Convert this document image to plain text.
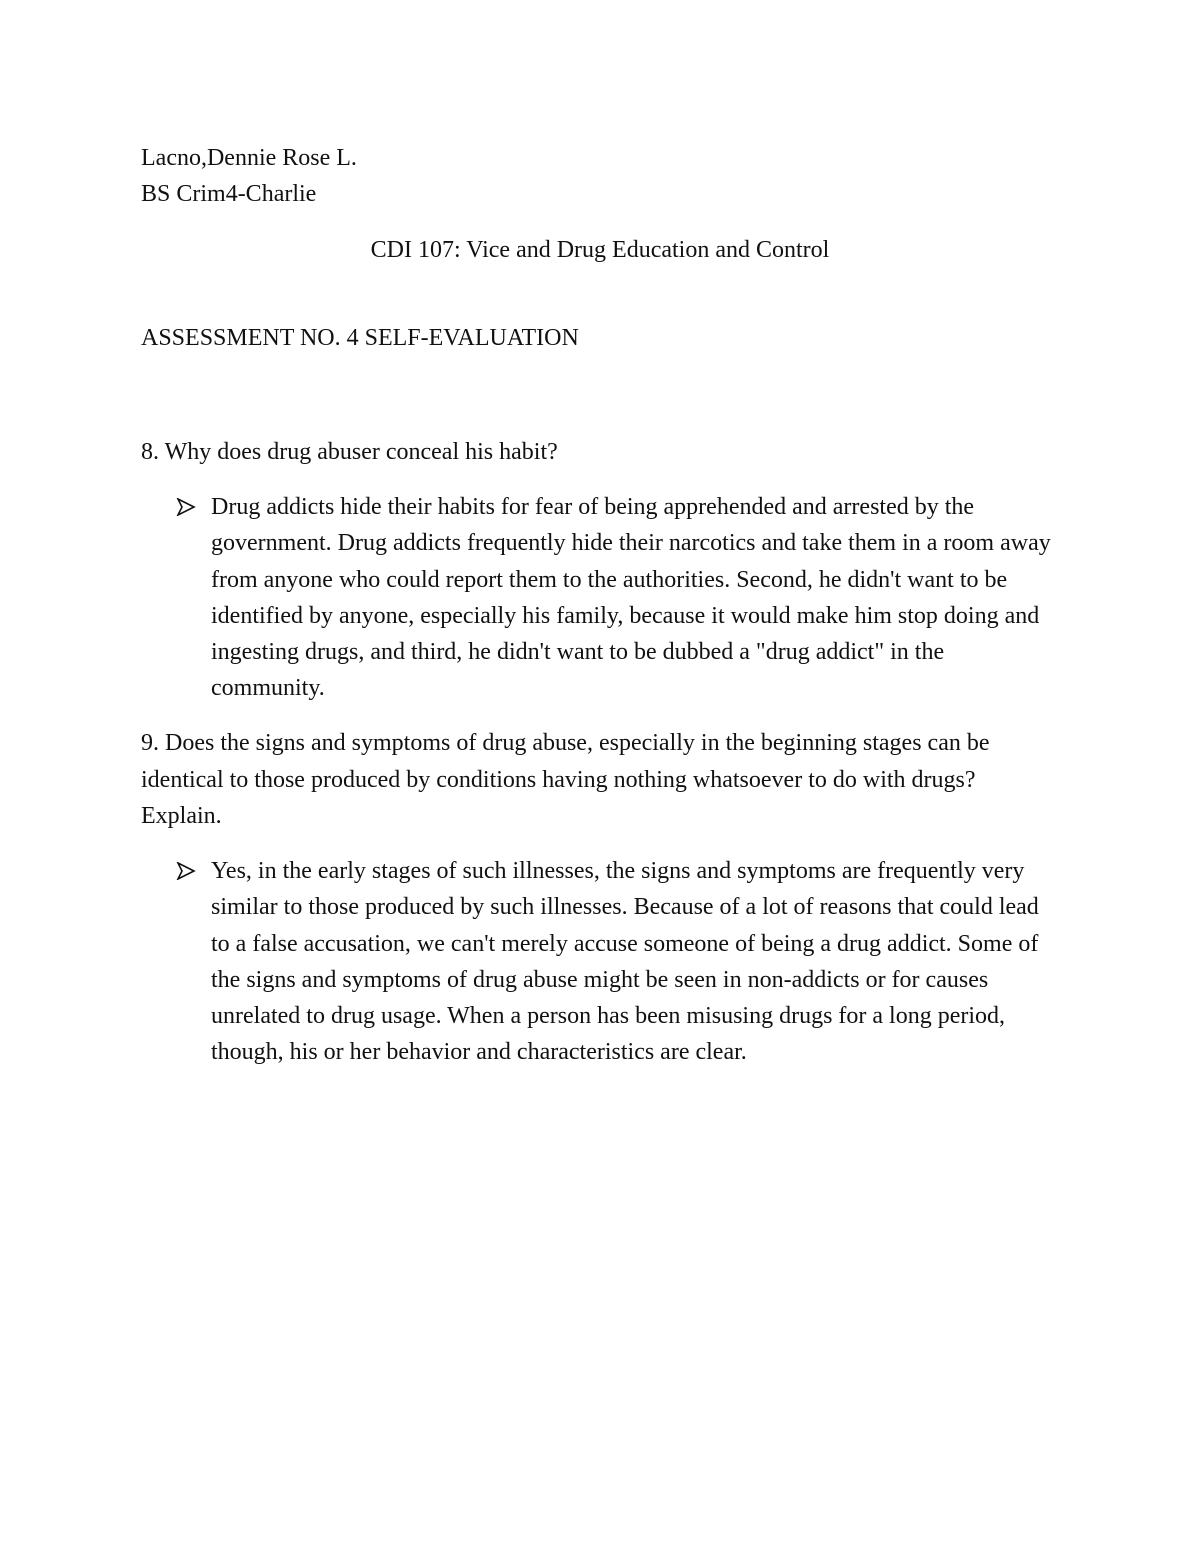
Lacno,Dennie Rose L.
BS Crim4-Charlie
CDI 107: Vice and Drug Education and Control
ASSESSMENT NO. 4 SELF-EVALUATION
8. Why does drug abuser conceal his habit?
Drug addicts hide their habits for fear of being apprehended and arrested by the government. Drug addicts frequently hide their narcotics and take them in a room away from anyone who could report them to the authorities. Second, he didn't want to be identified by anyone, especially his family, because it would make him stop doing and ingesting drugs, and third, he didn't want to be dubbed a "drug addict" in the community.
9. Does the signs and symptoms of drug abuse, especially in the beginning stages can be identical to those produced by conditions having nothing whatsoever to do with drugs? Explain.
Yes, in the early stages of such illnesses, the signs and symptoms are frequently very similar to those produced by such illnesses. Because of a lot of reasons that could lead to a false accusation, we can't merely accuse someone of being a drug addict. Some of the signs and symptoms of drug abuse might be seen in non-addicts or for causes unrelated to drug usage. When a person has been misusing drugs for a long period, though, his or her behavior and characteristics are clear.
